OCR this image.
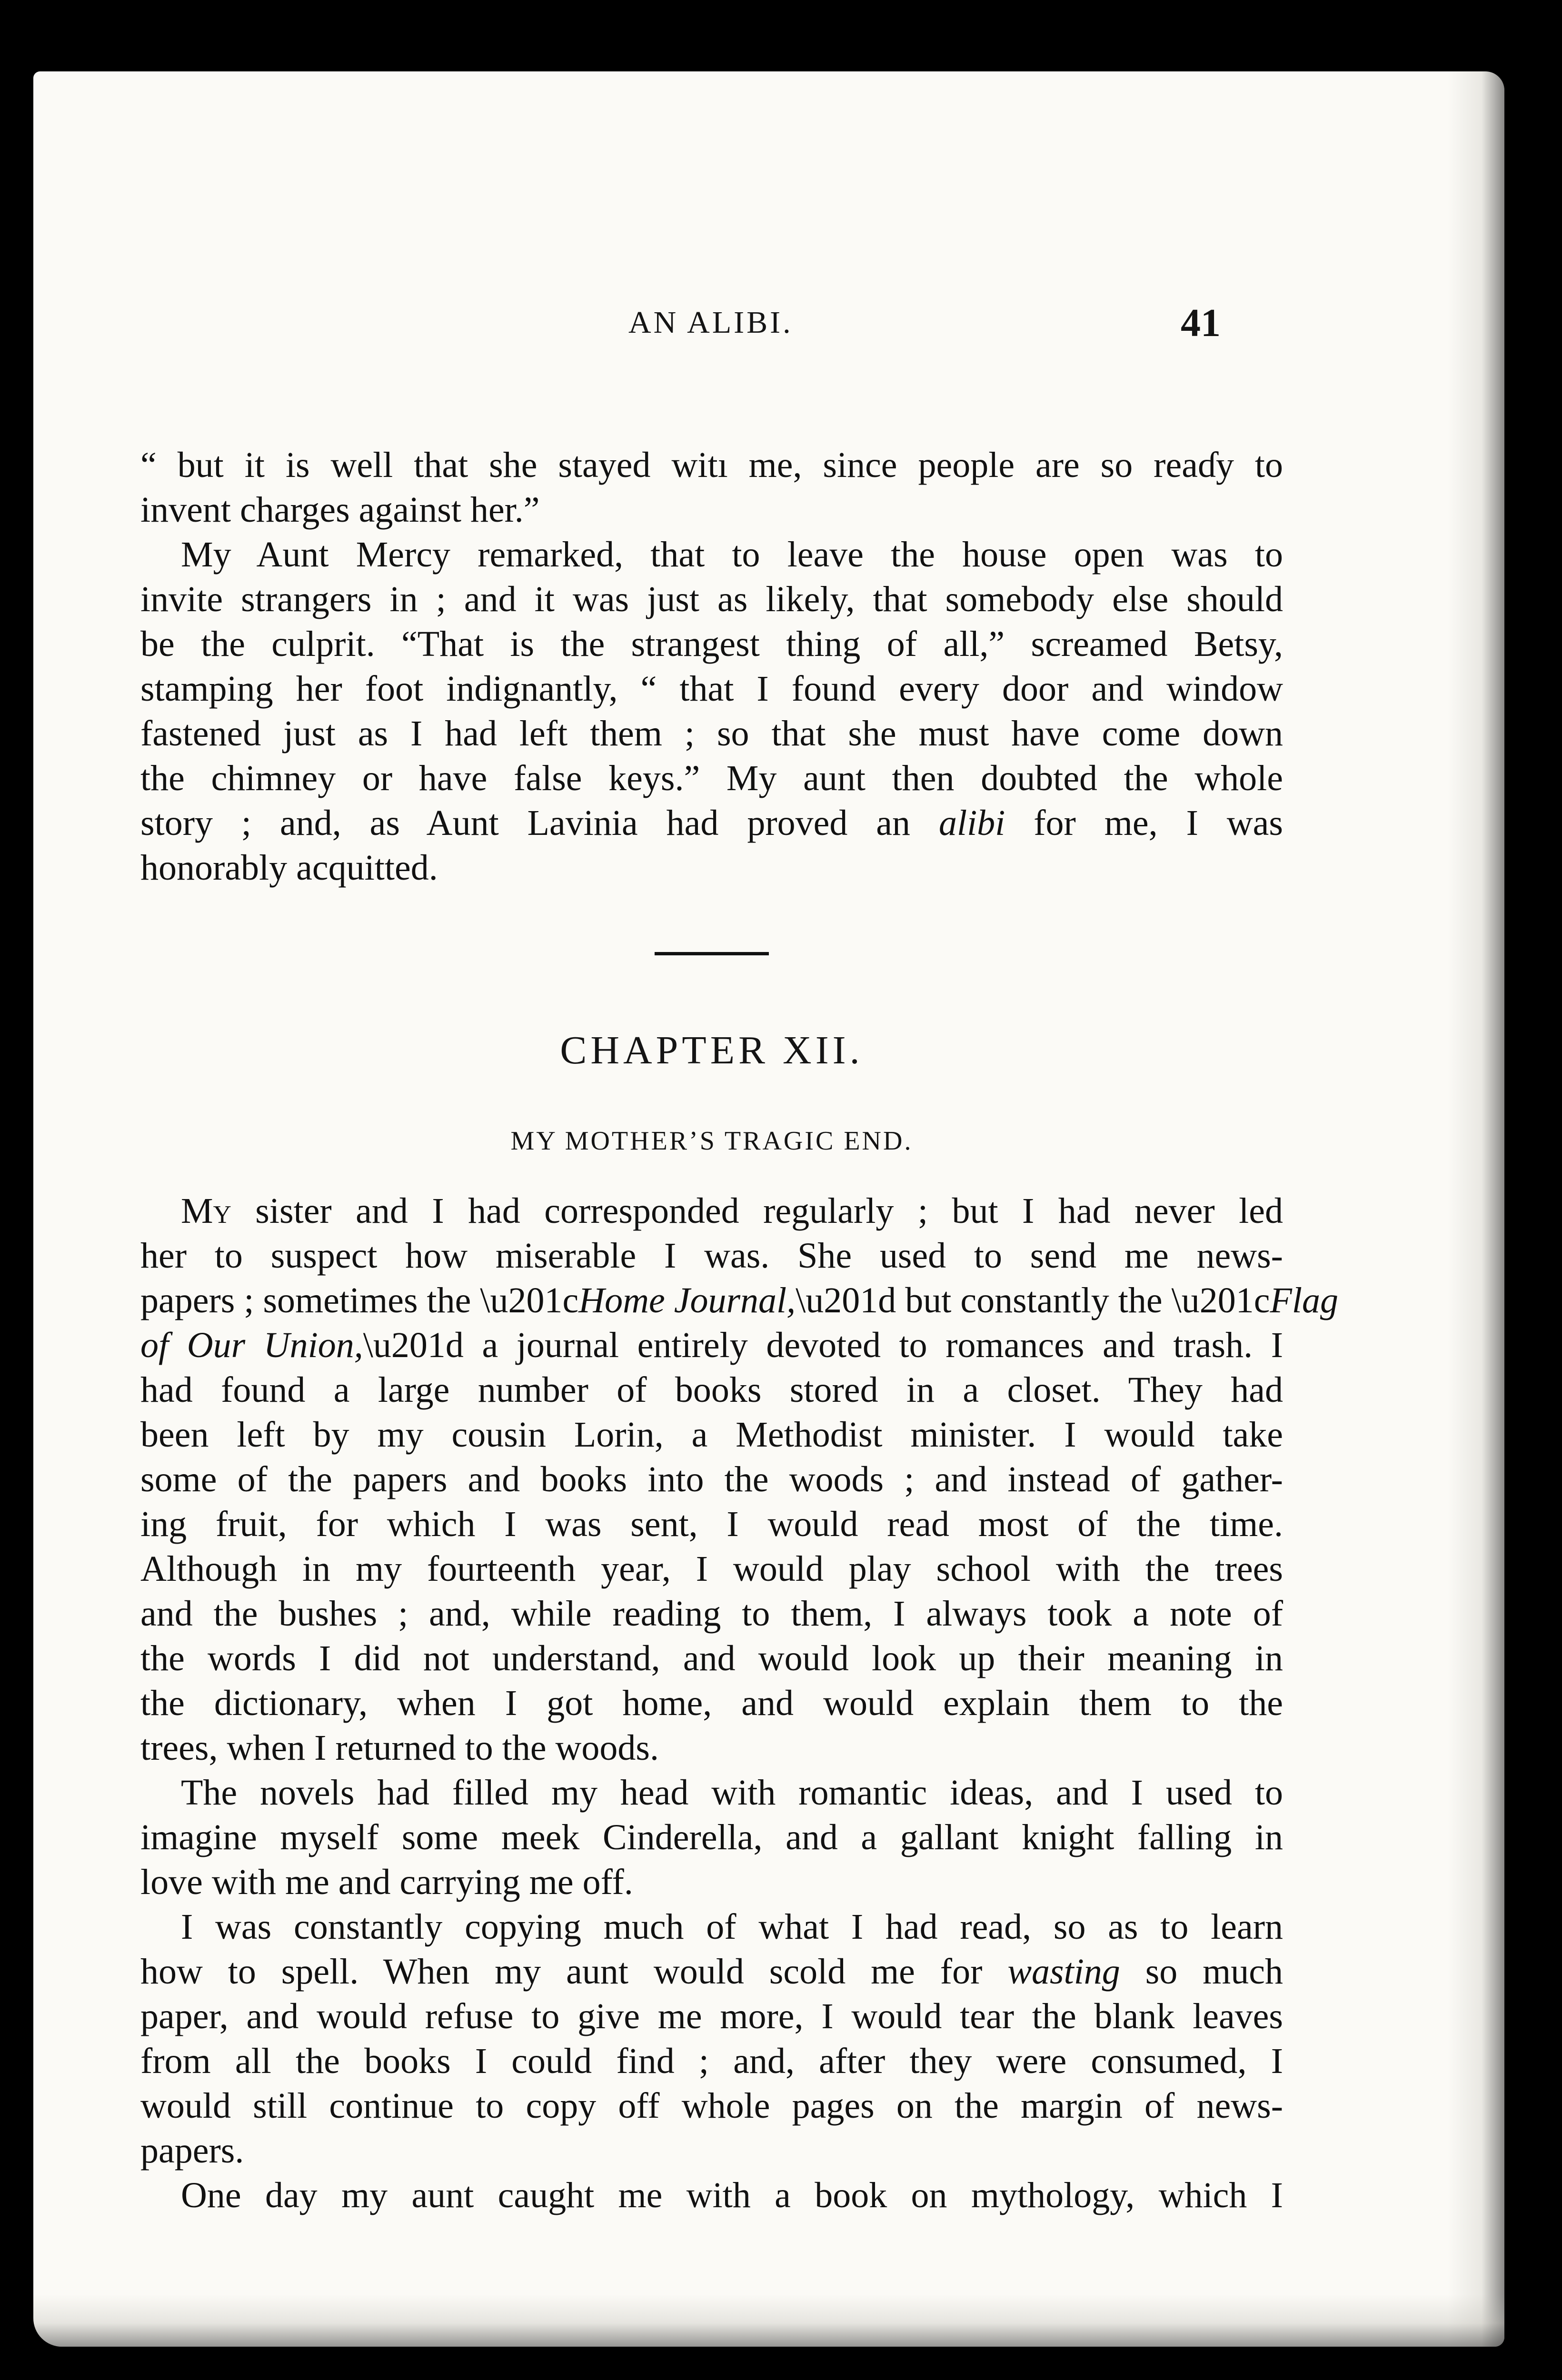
AN ALIBI.	41
“ but it is well that she stayed witı me, since people are so reaɗy to
invent charges against her.”
My Aunt Mercy remarked, that to leave the house open was to
invite strangers in ; and it was just as likely, that somebody else should
be the culprit. “That is the strangest thing of all,” screamed Betsy,
stamping her foot indignantly, “ that I found every door and window
fastened just as I had left them ; so that she must have come down
the chimney or have false keys.” My aunt then doubted the whole
story ; and, as Aunt Lavinia had proved an alibi for me, I was
honorably acquitted.
CHAPTER XII.
MY MOTHER’S TRAGIC END.
My sister and I had corresponded regularly ; but I had never led
her to suspect how miserable I was. She used to send me news-
papers ; sometimes the \u201cHome Journal,\u201d but constantly the \u201cFlag
of Our Union,\u201d a journal entirely devoted to romances and trash. I
had found a large number of books stored in a closet. They had
been left by my cousin Lorin, a Methodist minister. I would take
some of the papers and books into the woods ; and instead of gather-
ing fruit, for which I was sent, I would read most of the time.
Although in my fourteenth year, I would play school with the trees
and the bushes ; and, while reading to them, I always took a note of
the words I did not understand, and would look up their meaning in
the dictionary, when I got home, and would explain them to the
trees, when I returned to the woods.
The novels had filled my head with romantic ideas, and I used to
imagine myself some meek Cinderella, and a gallant knight falling in
love with me and carrying me off.
I was constantly copying much of what I had read, so as to learn
how to spell. When my aunt would scold me for wasting so much
paper, and would refuse to give me more, I would tear the blank leaves
from all the books I could find ; and, after they were consumed, I
would still continue to copy off whole pages on the margin of news-
papers.
One day my aunt caught me with a book on mythology, which I
